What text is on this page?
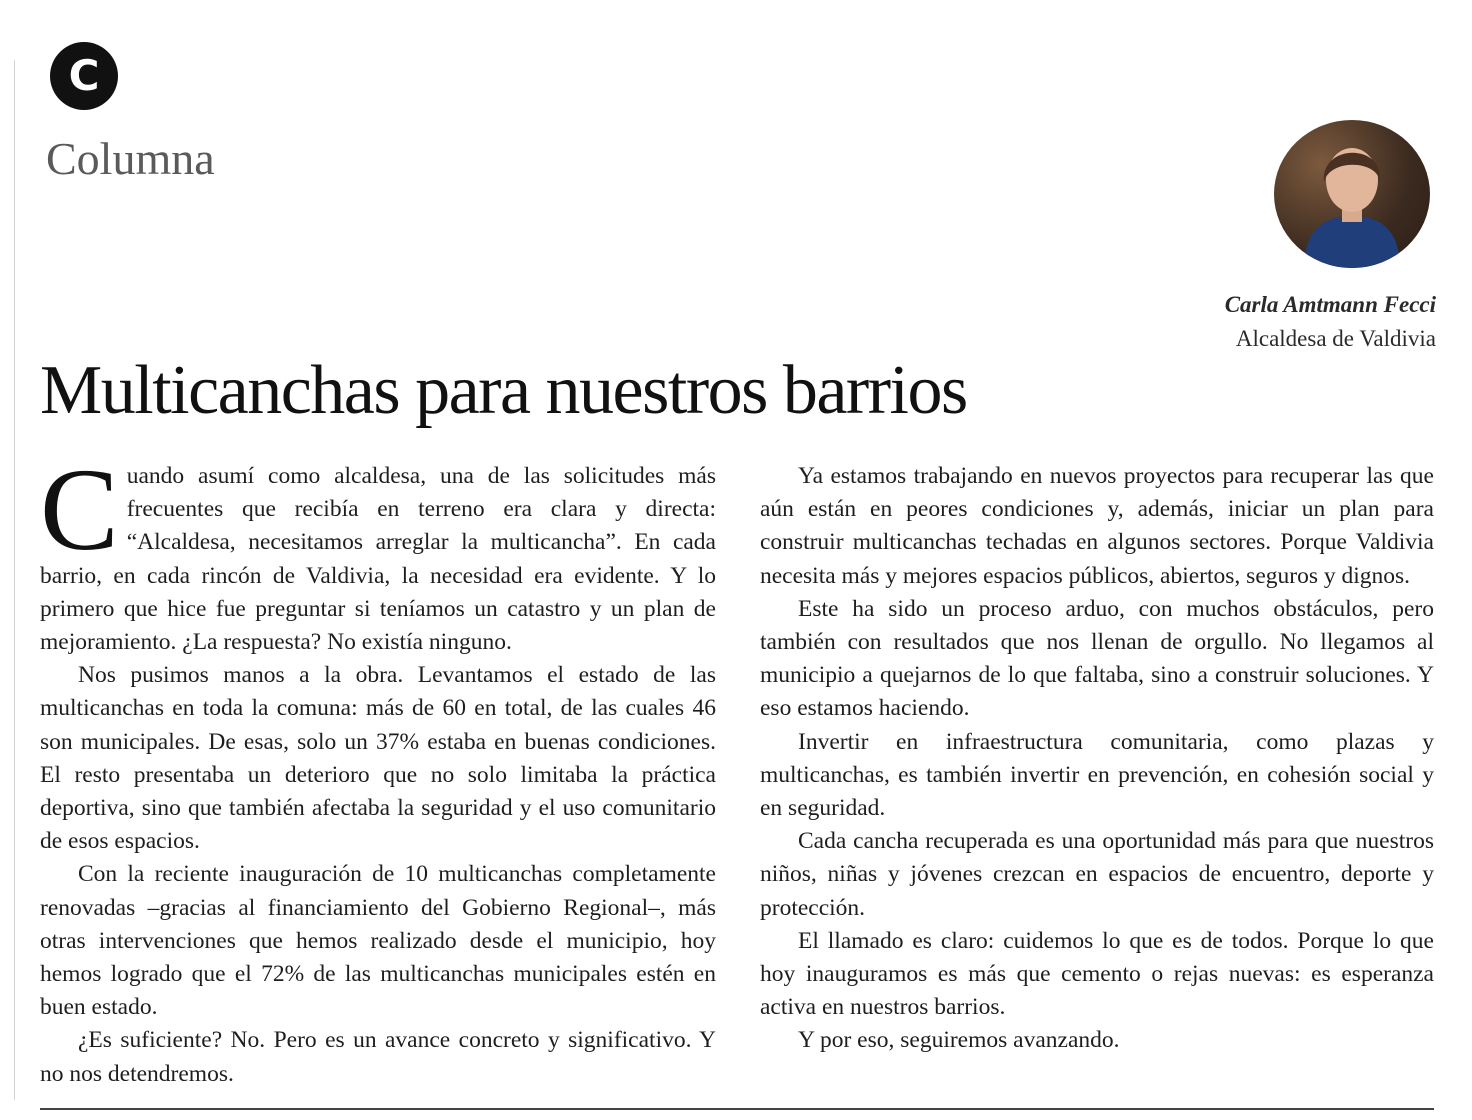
C
Columna
Carla Amtmann Fecci
Alcaldesa de Valdivia
Multicanchas para nuestros barrios

Cuando asumí como alcaldesa, una de las solicitudes más frecuentes que recibía en terreno era clara y directa: “Alcaldesa, necesitamos arreglar la multicancha”. En cada barrio, en cada rincón de Valdivia, la necesidad era evidente. Y lo primero que hice fue preguntar si teníamos un catastro y un plan de mejoramiento. ¿La respuesta? No existía ninguno.

Nos pusimos manos a la obra. Levantamos el estado de las multicanchas en toda la comuna: más de 60 en total, de las cuales 46 son municipales. De esas, solo un 37% estaba en buenas condiciones. El resto presentaba un deterioro que no solo limitaba la práctica deportiva, sino que también afectaba la seguridad y el uso comunitario de esos espacios.

Con la reciente inauguración de 10 multicanchas completamente renovadas –gracias al financiamiento del Gobierno Regional–, más otras intervenciones que hemos realizado desde el municipio, hoy hemos logrado que el 72% de las multicanchas municipales estén en buen estado.

¿Es suficiente? No. Pero es un avance concreto y significativo. Y no nos detendremos.

Ya estamos trabajando en nuevos proyectos para recuperar las que aún están en peores condiciones y, además, iniciar un plan para construir multicanchas techadas en algunos sectores. Porque Valdivia necesita más y mejores espacios públicos, abiertos, seguros y dignos.

Este ha sido un proceso arduo, con muchos obstáculos, pero también con resultados que nos llenan de orgullo. No llegamos al municipio a quejarnos de lo que faltaba, sino a construir soluciones. Y eso estamos haciendo.

Invertir en infraestructura comunitaria, como plazas y multicanchas, es también invertir en prevención, en cohesión social y en seguridad.

Cada cancha recuperada es una oportunidad más para que nuestros niños, niñas y jóvenes crezcan en espacios de encuentro, deporte y protección.

El llamado es claro: cuidemos lo que es de todos. Porque lo que hoy inauguramos es más que cemento o rejas nuevas: es esperanza activa en nuestros barrios.

Y por eso, seguiremos avanzando.
